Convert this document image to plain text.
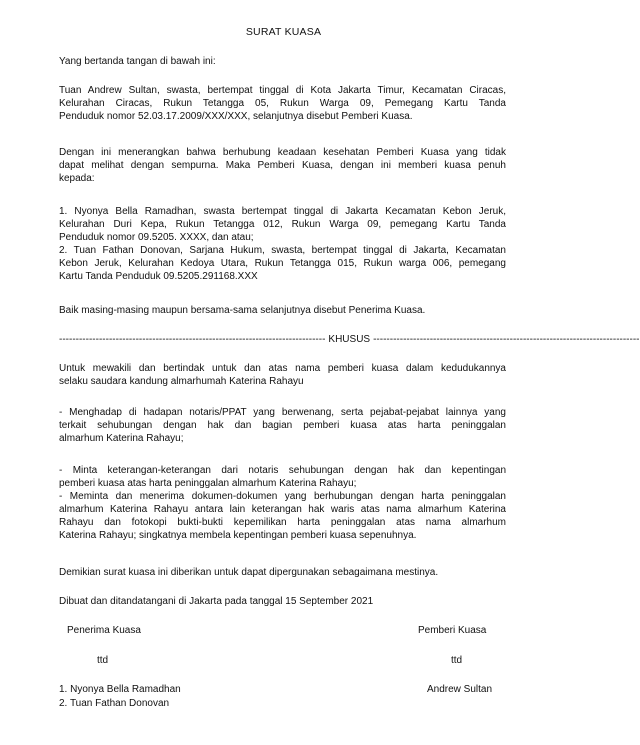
SURAT KUASA

Yang bertanda tangan di bawah ini:

Tuan Andrew Sultan, swasta, bertempat tinggal di Kota Jakarta Timur, Kecamatan Ciracas,
Kelurahan Ciracas, Rukun Tetangga 05, Rukun Warga 09, Pemegang Kartu Tanda
Penduduk nomor 52.03.17.2009/XXX/XXX, selanjutnya disebut Pemberi Kuasa.

Dengan ini menerangkan bahwa berhubung keadaan kesehatan Pemberi Kuasa yang tidak
dapat melihat dengan sempurna. Maka Pemberi Kuasa, dengan ini memberi kuasa penuh
kepada:

1. Nyonya Bella Ramadhan, swasta bertempat tinggal di Jakarta Kecamatan Kebon Jeruk,
Kelurahan Duri Kepa, Rukun Tetangga 012, Rukun Warga 09, pemegang Kartu Tanda
Penduduk nomor 09.5205. XXXX, dan atau;
2. Tuan Fathan Donovan, Sarjana Hukum, swasta, bertempat tinggal di Jakarta, Kecamatan
Kebon Jeruk, Kelurahan Kedoya Utara, Rukun Tetangga 015, Rukun warga 006, pemegang
Kartu Tanda Penduduk 09.5205.291168.XXX

Baik masing-masing maupun bersama-sama selanjutnya disebut Penerima Kuasa.

-------------------------------------------------------------------------------- KHUSUS --------------------------------------------------------------------------------

Untuk mewakili dan bertindak untuk dan atas nama pemberi kuasa dalam kedudukannya
selaku saudara kandung almarhumah Katerina Rahayu

- Menghadap di hadapan notaris/PPAT yang berwenang, serta pejabat-pejabat lainnya yang
terkait sehubungan dengan hak dan bagian pemberi kuasa atas harta peninggalan
almarhum Katerina Rahayu;

- Minta keterangan-keterangan dari notaris sehubungan dengan hak dan kepentingan
pemberi kuasa atas harta peninggalan almarhum Katerina Rahayu;
- Meminta dan menerima dokumen-dokumen yang berhubungan dengan harta peninggalan
almarhum Katerina Rahayu antara lain keterangan hak waris atas nama almarhum Katerina
Rahayu dan fotokopi bukti-bukti kepemilikan harta peninggalan atas nama almarhum
Katerina Rahayu; singkatnya membela kepentingan pemberi kuasa sepenuhnya.

Demikian surat kuasa ini diberikan untuk dapat dipergunakan sebagaimana mestinya.

Dibuat dan ditandatangani di Jakarta pada tanggal 15 September 2021

Penerima Kuasa	Pemberi Kuasa
ttd	ttd
1. Nyonya Bella Ramadhan
2. Tuan Fathan Donovan
Andrew Sultan
